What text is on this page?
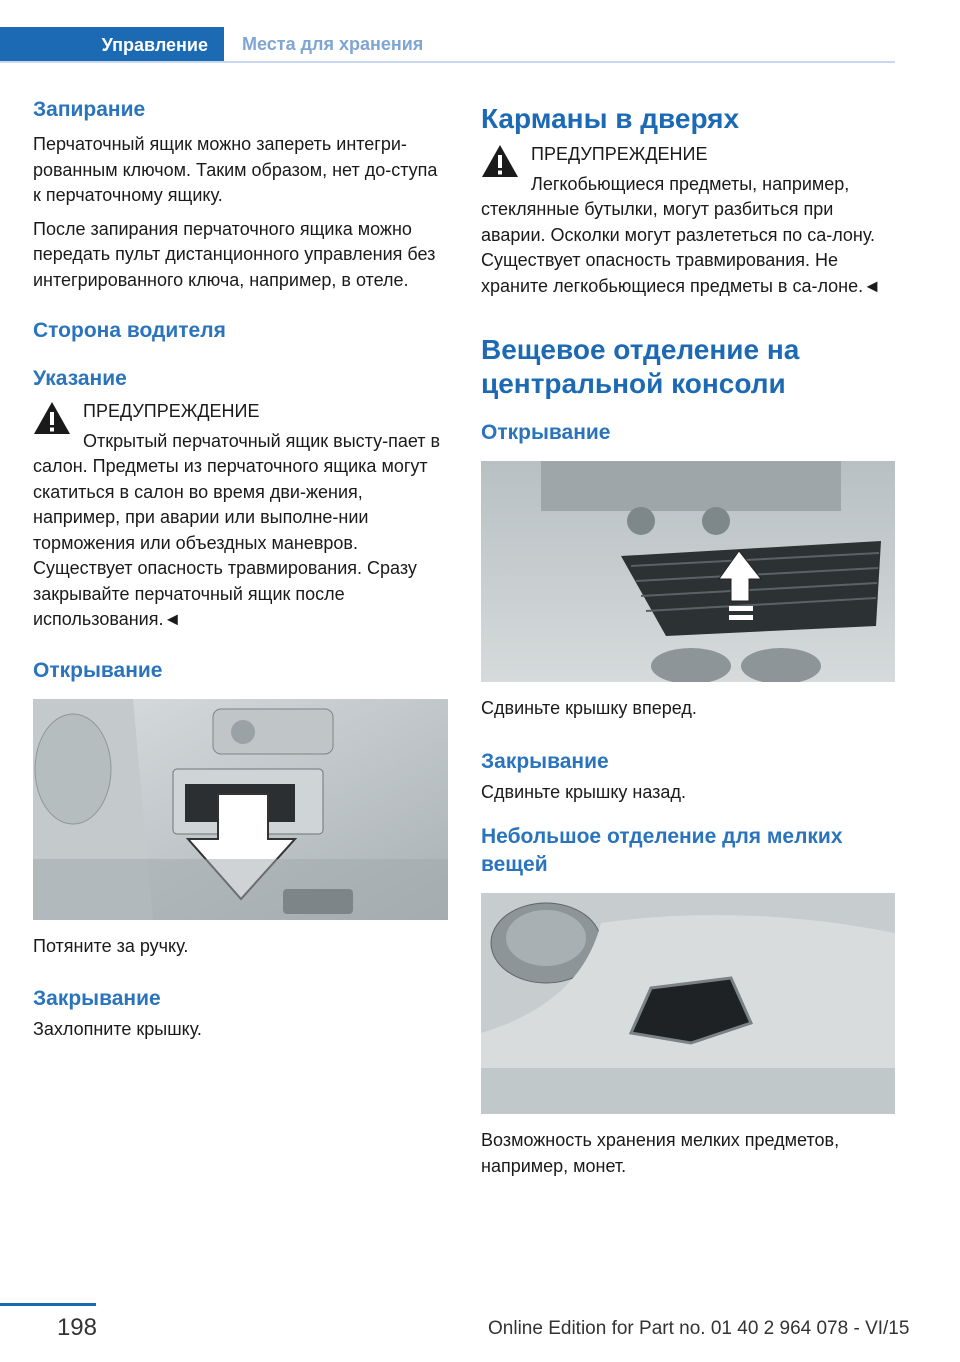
Управление	Места для хранения
Запирание

Перчаточный ящик можно запереть интегри-рованным ключом. Таким образом, нет до-ступа к перчаточному ящику.

После запирания перчаточного ящика можно передать пульт дистанционного управления без интегрированного ключа, например, в отеле.

Сторона водителя
Указание

ПРЕДУПРЕЖДЕНИЕ

Открытый перчаточный ящик высту-пает в салон. Предметы из перчаточного ящика могут скатиться в салон во время дви-жения, например, при аварии или выполне-нии торможения или объездных маневров. Существует опасность травмирования. Сразу закрывайте перчаточный ящик после использования.◄

Открывание

Потяните за ручку.

Закрывание

Захлопните крышку.

Карманы в дверях

ПРЕДУПРЕЖДЕНИЕ

Легкобьющиеся предметы, например, стеклянные бутылки, могут разбиться при аварии. Осколки могут разлететься по са-лону. Существует опасность травмирования. Не храните легкобьющиеся предметы в са-лоне.◄

Вещевое отделение на центральной консоли
Открывание

Сдвиньте крышку вперед.

Закрывание

Сдвиньте крышку назад.

Небольшое отделение для мелких вещей

Возможность хранения мелких предметов, например, монет.

198	Online Edition for Part no. 01 40 2 964 078 - VI/15
